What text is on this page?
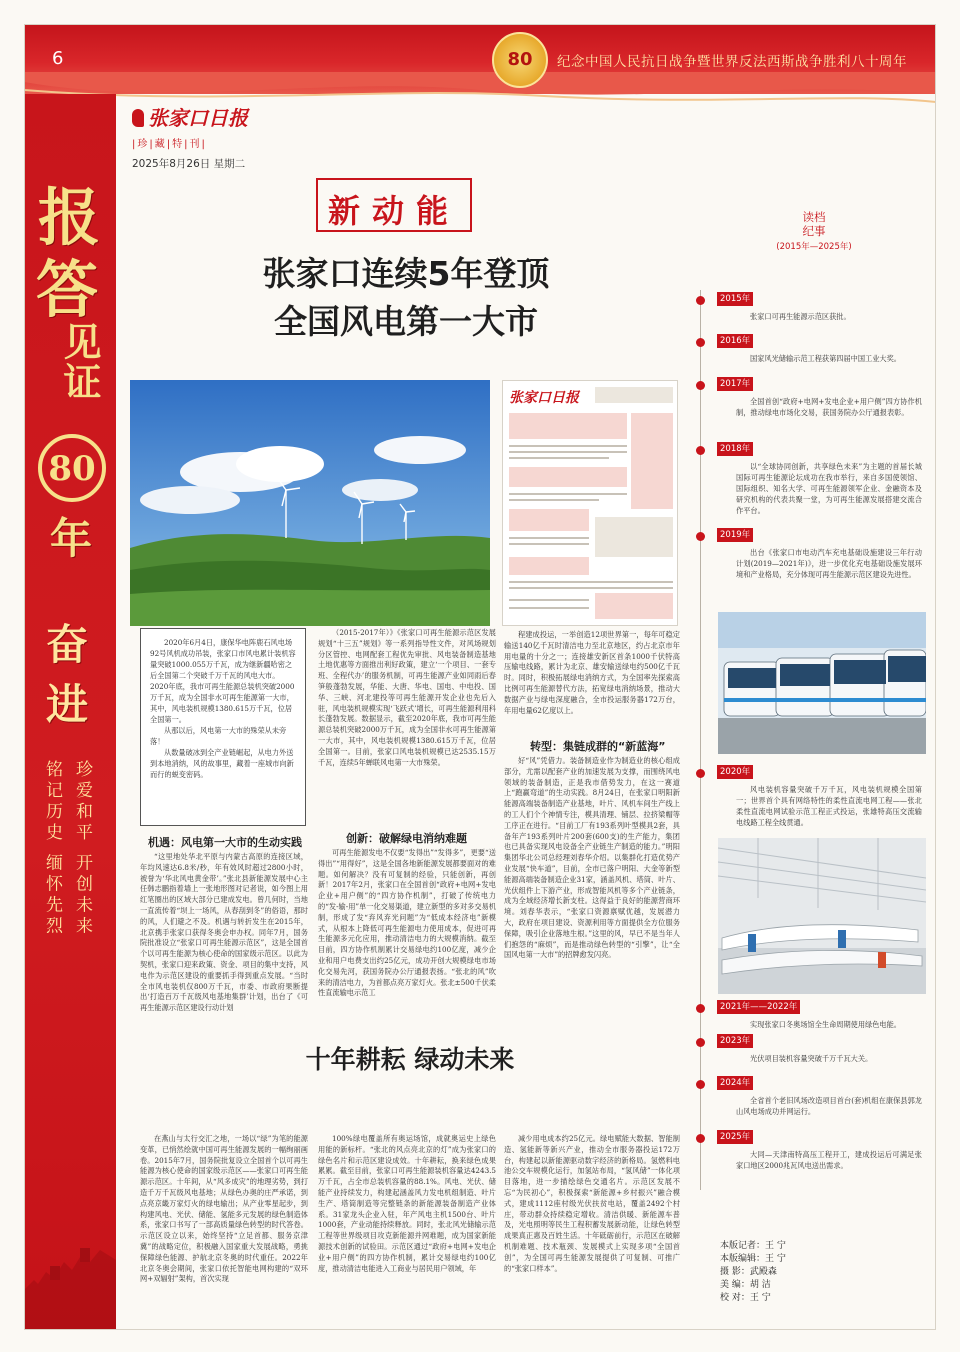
6	80	纪念中国人民抗日战争暨世界反法西斯战争胜利八十周年
报
答
见证
80
年
奋
进
珍爱和平 开创未来
铭记历史 缅怀先烈
张家口日报
|珍|藏|特|刊|
2025年8月26日 星期二
新动能
张家口连续5年登顶
全国风电第一大市
张家口日报

2020年6月4日，康保华电阵鹿石风电场92号风机成功吊装，张家口市风电累计装机容量突破1000.055万千瓦，成为继新疆哈密之后全国第二个突破千万千瓦的风电大市。2020年底，我市可再生能源总装机突破2000万千瓦，成为全国非水可再生能源第一大市，其中，风电装机规模1380.615万千瓦，位居全国第一。

从那以后，风电第一大市的殊荣从未旁落！

从数量破冰到全产业链崛起，从电力外送到本地消纳，风的故事里，藏着一座城市向新而行的蜕变密码。

机遇：风电第一大市的生动实践

“这里地处华北平原与内蒙古高原的连接区域，年均风速达6.8米/秒，年有效风时超过2800小时，被誉为‘华北风电黄金带’。”张北县新能源发展中心主任韩志鹏指着墙上一张地形图对记者说，如今图上用红笔圈出的区域大部分已建成发电。曾几何时，当地一直流传着“坝上一场风，从春刮到冬”的俗语，那时的风，人们避之不及。机遇与转折发生在2015年，北京携手张家口获得冬奥会申办权。同年7月，国务院批准设立“张家口可再生能源示范区”，这是全国首个以可再生能源为核心使命的国家级示范区。以此为契机，张家口迎来政策、资金、项目的集中支持，风电作为示范区建设的重要抓手得到重点发展。“当时全市风电装机仅800万千瓦，市委、市政府果断提出‘打造百万千瓦级风电基地集群’计划，出台了《可再生能源示范区建设行动计划

（2015-2017年）》《张家口可再生能源示范区发展规划“十三五”规划》等一系列指导性文件，对风场规划分区管控、电网配套工程优先审批、风电装备制造基地土地优惠等方面推出利好政策，建立‘一个项目、一套专班、全程代办’的服务机制，可再生能源产业如同雨后春笋般蓬勃发展，华能、大唐、华电、国电、中电投、国华、三峡、河北建投等可再生能源开发企业也先后入驻，风电装机规模实现‘飞跃式’增长，可再生能源利用科长蓬勃发展。数据显示，截至2020年底，我市可再生能源总装机突破2000万千瓦，成为全国非水可再生能源第一大市，其中，风电装机规模1380.615万千瓦，位居全国第一。目前，张家口风电装机规模已达2535.15万千瓦，连续5年蝉联风电第一大市殊荣。

创新：破解绿电消纳难题

可再生能源发电不仅要“发得出”“发得多”，更要“送得出”“用得好”，这是全国各地新能源发展都要面对的难题。如何解决？没有可复制的经验，只能创新，再创新！2017年2月，张家口在全国首创“政府+电网+发电企业+用户侧”的“四方协作机制”，打破了传统电力的“发-输-用”单一化交易渠道，建立新型的多对多交易机制，形成了发“弃风弃光问题”为“低成本经济电”新模式，从根本上降低可再生能源电力使用成本，促进可再生能源多元化应用，推动清洁电力的大规模消纳。截至目前，四方协作机制累计交易绿电约100亿度，减少企业和用户电费支出约25亿元，成功开创大规模绿电市场化交易先河，获国务院办公厅通报表扬。“张北的风”吹来的清洁电力，为首都点亮万家灯火。张北±500千伏柔性直流输电示范工

程建成投运，一举创造12项世界第一，每年可稳定输送140亿千瓦时清洁电力至北京地区，约占北京市年用电量的十分之一；连接雄安新区首条1000千伏特高压输电线路，累计为北京、雄安输送绿电约500亿千瓦时。同时，积极拓展绿电消纳方式，为全国率先探索高比例可再生能源替代方法，拓宽绿电消纳场景，推动大数据产业与绿电深度融合，全市投运服务器172万台，年用电量62亿度以上。

转型：集链成群的“新蓝海”

好“风”凭借力。装备制造业作为制造业的核心组成部分，尤需以配套产业的加速发展为支撑，而围绕风电领域的装备制造，正是我市借势发力，在这一赛道上“跑赢弯道”的生动实践。8月24日，在张家口明阳新能源高端装备制造产业基地，叶片、风机车间生产线上的工人们个个神情专注，模具清理、铺层、拉挤梁帽等工序正在进行。“目前工厂有193系列叶型模具2套，具备年产193系列叶片200套(600支)的生产能力，集团也已具备实现风电设备全产业链生产制造的能力。”明阳集团华北公司总经理刘春华介绍。以集群化打造优势产业发展“快车道”，目前，全市已落户明阳、大金等新型能源高端装备制造企业31家，涵盖风机、塔筒、叶片、光伏组件上下游产业，形成智能风机等多个产业链条，成为全域经济增长新支柱。这得益于良好的能源营商环境。刘春华表示，“张家口资源禀赋优越，发展潜力大，政府在项目建设、资源利用等方面提供全方位服务保障，吸引企业落地生根。”这里的风，早已不是当年人们抱怨的“麻烦”，而是推动绿色转型的“引擎”，让“全国风电第一大市”的招牌愈发闪亮。

十年耕耘 绿动未来

在燕山与太行交汇之地，一场以“绿”为笔的能源变革，已悄然绘就中国可再生能源发展的一幅绚丽画卷。2015年7月，国务院批复设立全国首个以可再生能源为核心使命的国家级示范区——张家口可再生能源示范区。十年间，从“风多成灾”的地理劣势，到打造千万千瓦级风电基地；从绿色办奥的庄严承诺，到点亮京畿万家灯火的绿电输出；从产业零星起步，到构建风电、光伏、储能、氢能多元发展的绿色制造体系，张家口书写了一部高质量绿色转型的时代答卷。示范区设立以来，始终坚持“立足首都、服务京津冀”的战略定位，积极融入国家重大发展战略，勇挑保障绿色能源、护航北京冬奥的时代重任。2022年北京冬奥会期间，张家口依托智能电网构建的“双环网+双辐射”架构，首次实现

100%绿电覆盖所有奥运场馆，成就奥运史上绿色用能的新标杆。“张北的风点亮北京的灯”成为张家口的绿色名片和示范区建设成效。十年耕耘，换来绿色成果累累。截至目前，张家口可再生能源装机容量达4243.5万千瓦，占全市总装机容量的88.1%。风电、光伏、储能产业持续发力，构建起涵盖风力发电机组制造、叶片生产、塔筒制造等完整链条的新能源装备制造产业体系。31家龙头企业入驻，年产风电主机1500台、叶片1000套，产业动能持续释放。同时，张北风光储输示范工程等世界级项目攻克新能源并网难题，成为国家新能源技术创新的试验田。示范区通过“政府+电网+发电企业+用户侧”的四方协作机制，累计交易绿电约100亿度，推动清洁电能进入工商业与居民用户领域，年

减少用电成本约25亿元。绿电赋能大数据、智能制造、氢能新等新兴产业，推动全市服务器投运172万台，构建起以新能源驱动数字经济的新格局。氢燃料电池公交车规模化运行，加氢站布局，“氢风储”一体化项目落地，进一步描绘绿色交通名片。示范区发展不忘“为民初心”，积极探索“新能源+乡村振兴”融合模式，建成1112座村级光伏扶贫电站，覆盖2492个村庄，带动群众持续稳定增收。清洁供暖、新能源车普及，光电照明等民生工程积蓄发展新动能，让绿色转型成果真正惠及百姓生活。十年砥砺前行，示范区在破解机制难题、技术瓶颈、发展模式上实现多项“全国首创”，为全国可再生能源发展提供了可复制、可推广的“张家口样本”。

读档
纪事
(2015年—2025年)
2015年
张家口可再生能源示范区获批。
2016年
国家风光储输示范工程获第四届中国工业大奖。
2017年
全国首创“政府+电网+发电企业+用户侧”四方协作机制，推动绿电市场化交易，获国务院办公厅通报表彰。
2018年
以“全球协同创新，共享绿色未来”为主题的首届长城国际可再生能源论坛成功在我市举行，来自多国使领馆、国际组织、知名大学、可再生能源领军企业、金融资本及研究机构的代表共聚一堂，为可再生能源发展搭建交流合作平台。
2019年
出台《张家口市电动汽车充电基础设施建设三年行动计划(2019—2021年)》，进一步优化充电基础设施发展环境和产业格局，充分体现可再生能源示范区建设先进性。
2020年
风电装机容量突破千万千瓦，风电装机规模全国第一；世界首个具有网络特性的柔性直流电网工程——张北柔性直流电网试验示范工程正式投运，张雄特高压交流输电线路工程全线贯通。
2021年——2022年
实现张家口冬奥场馆全生命周期使用绿色电能。
2023年
光伏项目装机容量突破千万千瓦大关。
2024年
全省首个老旧风场改造项目首台(套)机组在康保县郭龙山风电场成功并网运行。
2025年
大同—天津南特高压工程开工，建成投运后可满足张家口地区2000兆瓦风电送出需求。
本版记者：王 宁
本版编辑：王 宁
摄 影：武殿森
美 编：胡 洁
校 对：王 宁
